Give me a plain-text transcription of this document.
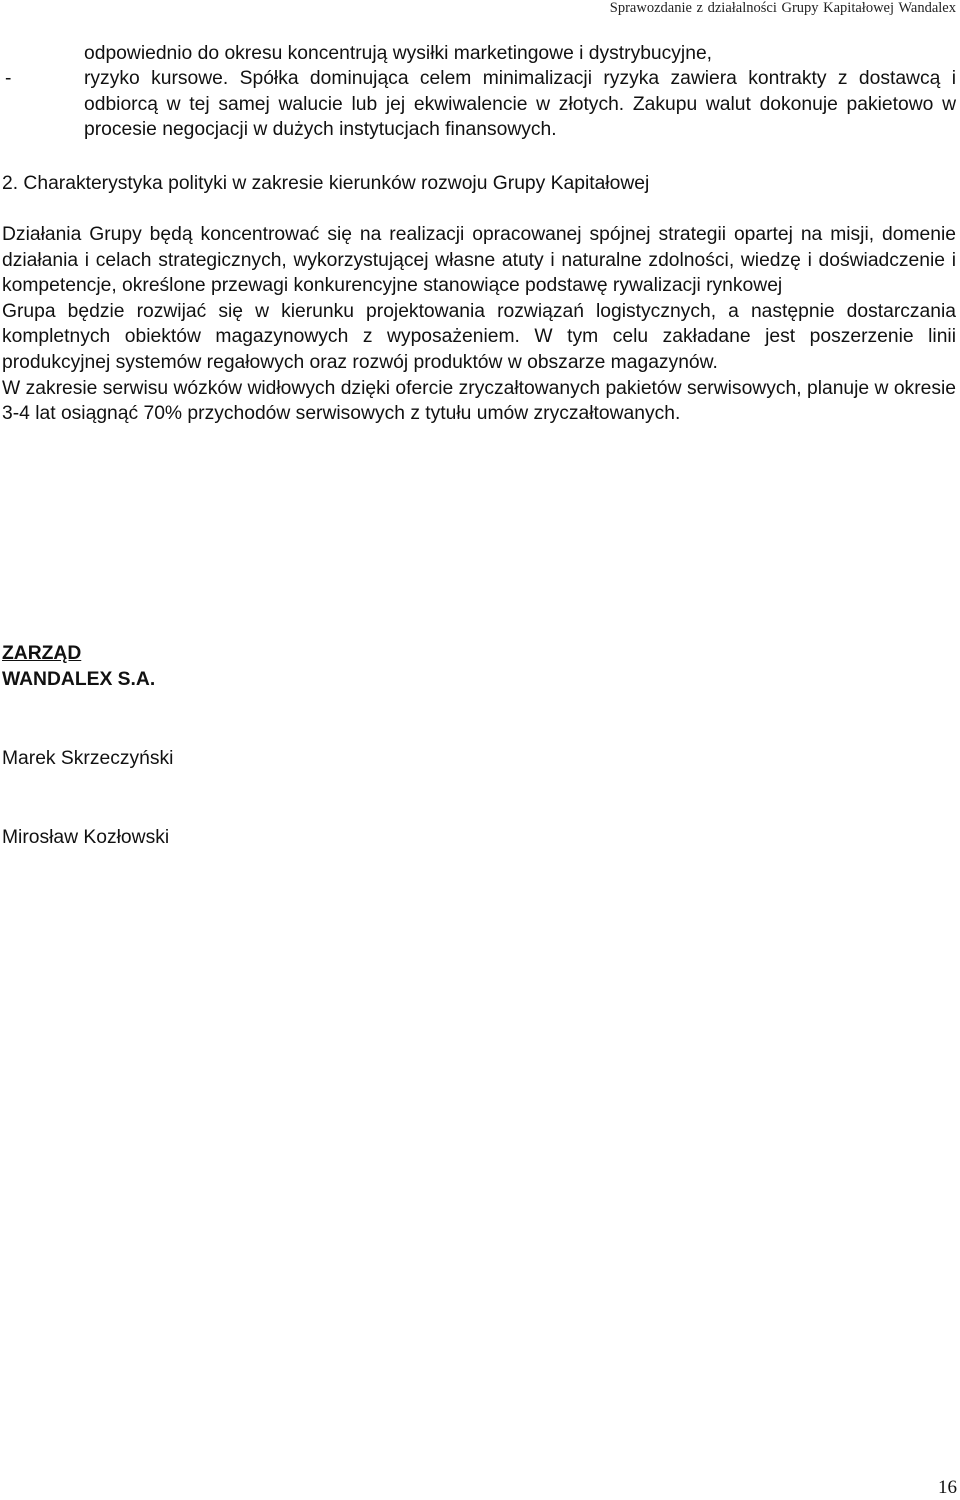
Sprawozdanie z działalności Grupy Kapitałowej Wandalex
odpowiednio do okresu koncentrują wysiłki marketingowe i dystrybucyjne,
-	ryzyko kursowe. Spółka dominująca celem minimalizacji ryzyka zawiera kontrakty z dostawcą i odbiorcą w tej samej walucie lub jej ekwiwalencie w złotych. Zakupu walut dokonuje pakietowo w procesie negocjacji w dużych instytucjach finansowych.
2. Charakterystyka polityki w zakresie kierunków rozwoju Grupy Kapitałowej

Działania Grupy będą koncentrować się na realizacji opracowanej spójnej strategii opartej na misji, domenie działania i celach strategicznych, wykorzystującej własne atuty i naturalne zdolności, wiedzę i doświadczenie i kompetencje, określone przewagi konkurencyjne stanowiące podstawę rywalizacji rynkowej

Grupa będzie rozwijać się w kierunku projektowania rozwiązań logistycznych, a następnie dostarczania kompletnych obiektów magazynowych z wyposażeniem. W tym celu zakładane jest poszerzenie linii produkcyjnej systemów regałowych oraz rozwój produktów w obszarze magazynów.

W zakresie serwisu wózków widłowych dzięki ofercie zryczałtowanych pakietów serwisowych, planuje w okresie 3-4 lat osiągnąć 70% przychodów serwisowych z tytułu umów zryczałtowanych.

ZARZĄD
WANDALEX S.A.
Marek Skrzeczyński
Mirosław Kozłowski
16
